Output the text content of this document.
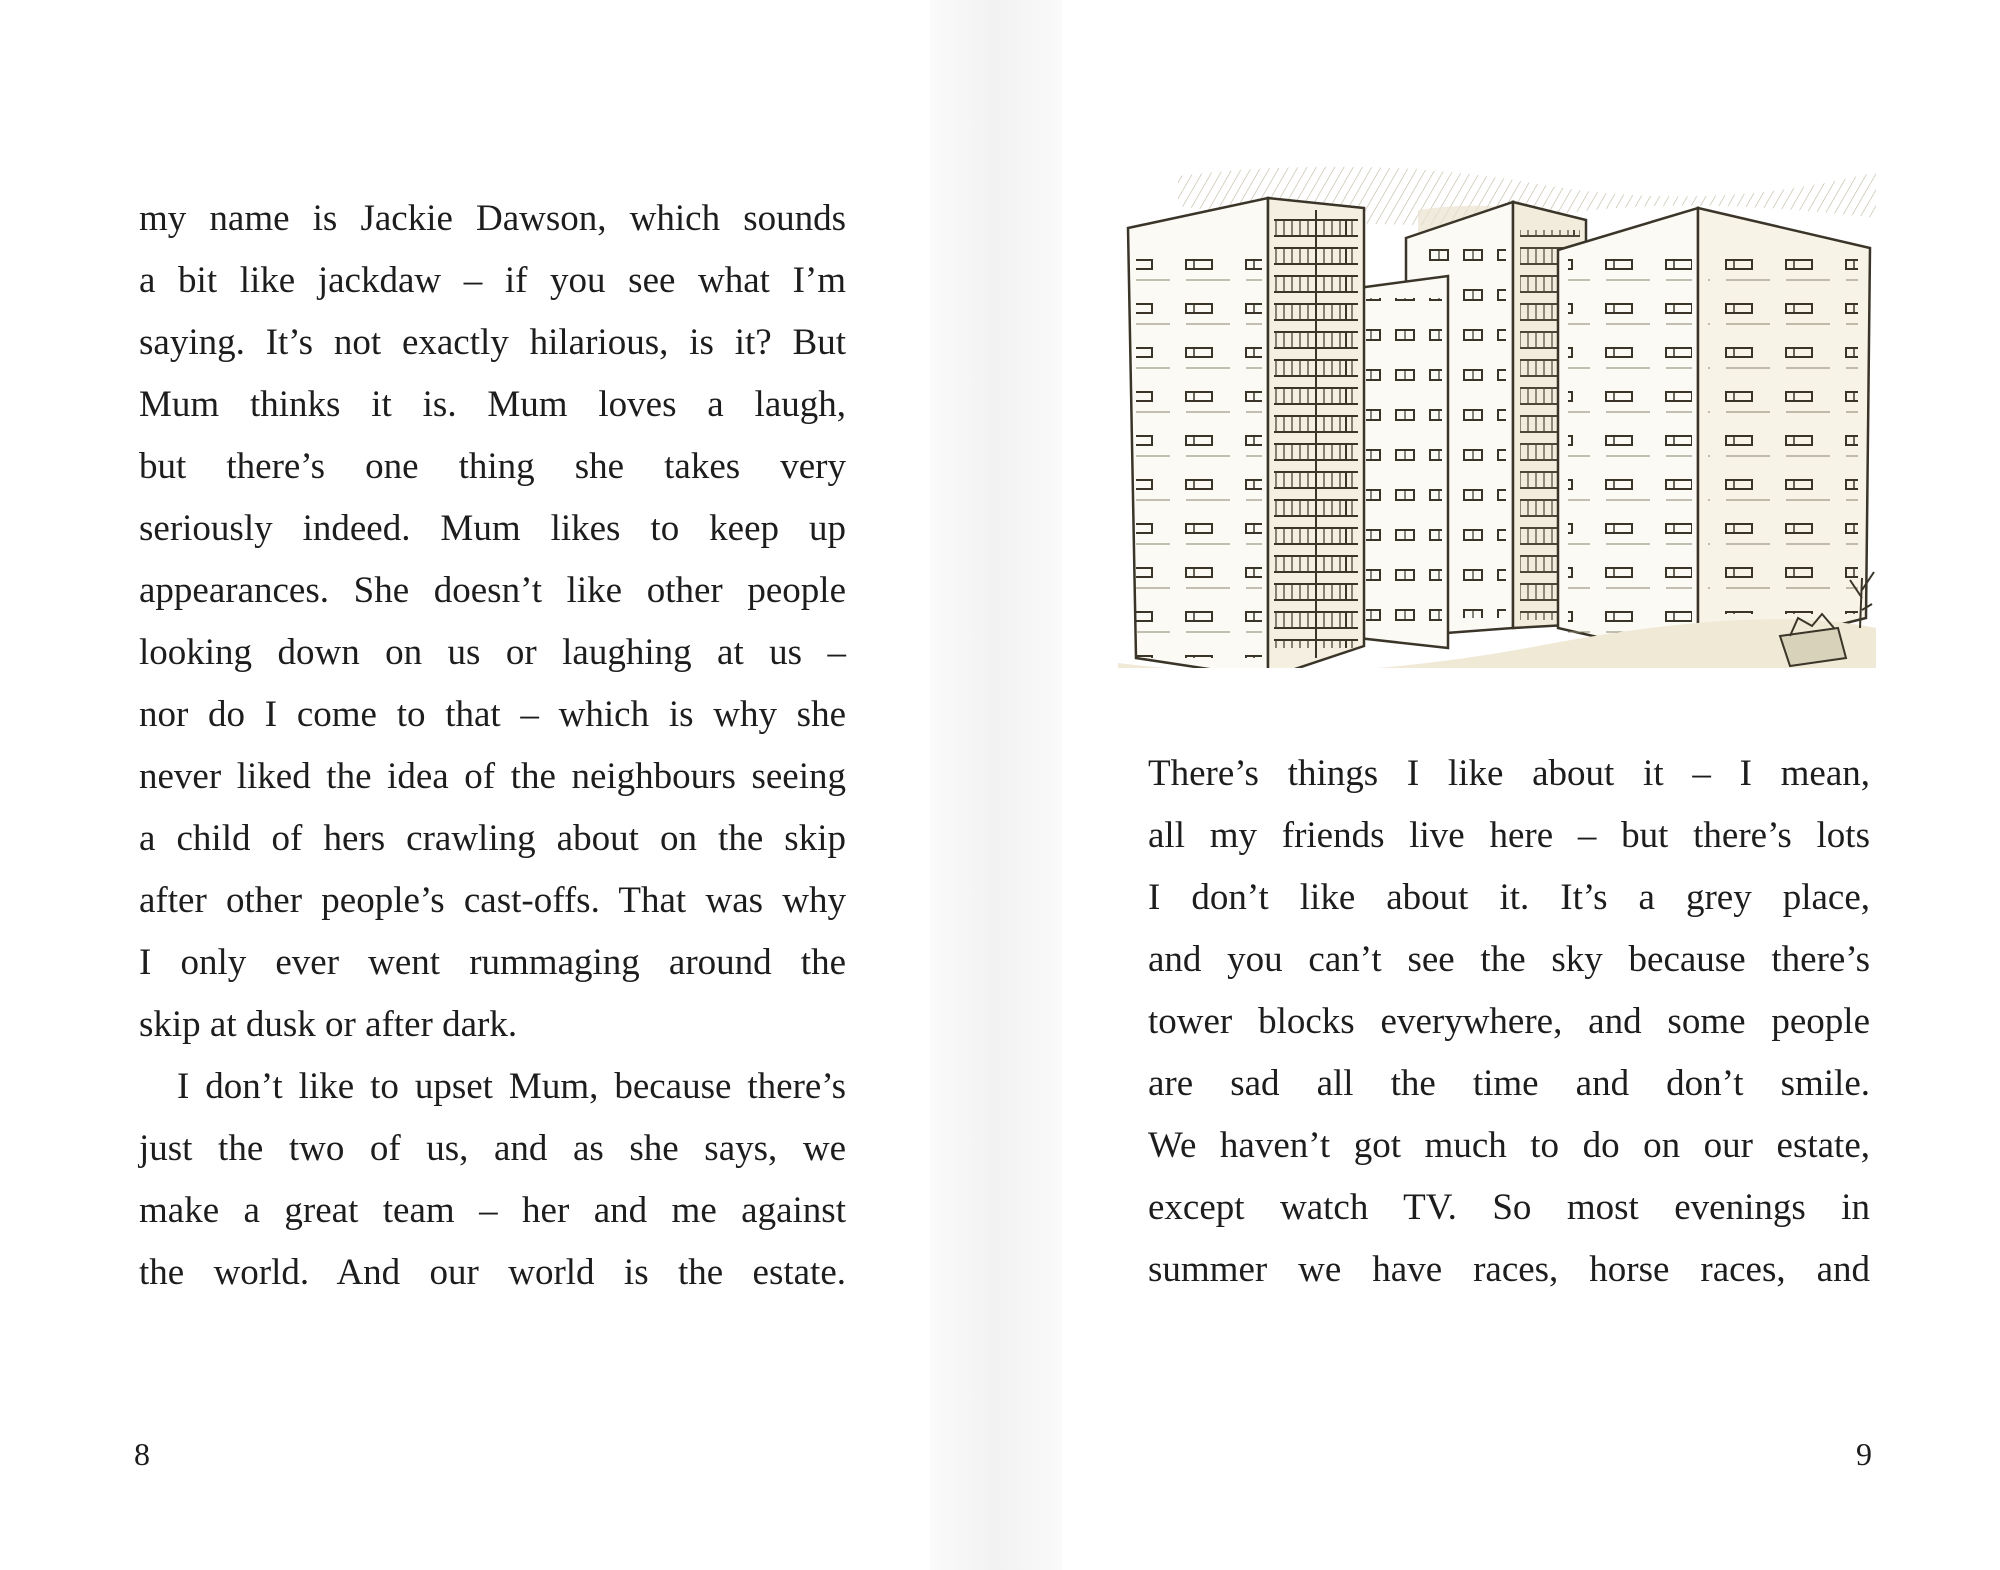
my name is Jackie Dawson, which sounds
a bit like jackdaw – if you see what I’m
saying. It’s not exactly hilarious, is it? But
Mum thinks it is. Mum loves a laugh,
but there’s one thing she takes very
seriously indeed. Mum likes to keep up
appearances. She doesn’t like other people
looking down on us or laughing at us –
nor do I come to that – which is why she
never liked the idea of the neighbours seeing
a child of hers crawling about on the skip
after other people’s cast-offs. That was why
I only ever went rummaging around the
skip at dusk or after dark.
I don’t like to upset Mum, because there’s
just the two of us, and as she says, we
make a great team – her and me against
the world. And our world is the estate.
8
There’s things I like about it – I mean,
all my friends live here – but there’s lots
I don’t like about it. It’s a grey place,
and you can’t see the sky because there’s
tower blocks everywhere, and some people
are sad all the time and don’t smile.
We haven’t got much to do on our estate,
except watch TV. So most evenings in
summer we have races, horse races, and
9
